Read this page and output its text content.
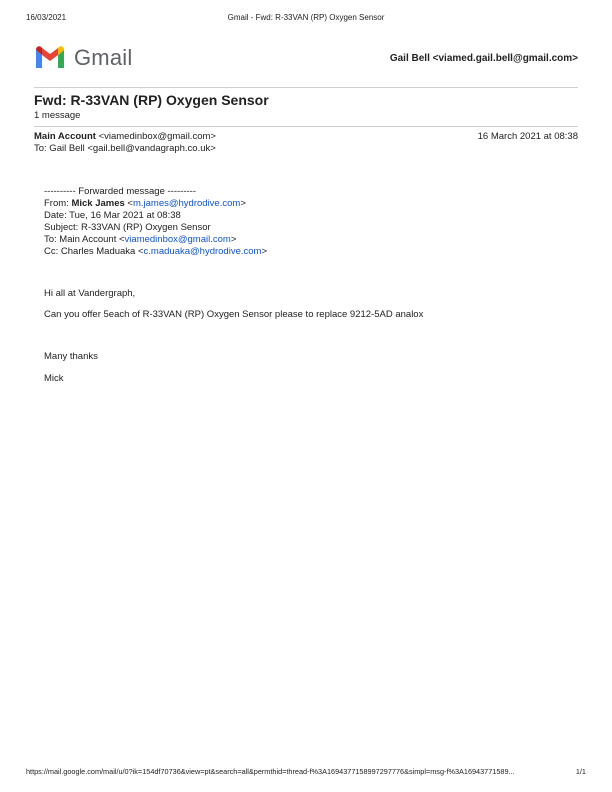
16/03/2021	Gmail - Fwd: R-33VAN (RP) Oxygen Sensor
Gmail	Gail Bell <viamed.gail.bell@gmail.com>
Fwd: R-33VAN (RP) Oxygen Sensor
1 message
Main Account <viamedinbox@gmail.com>
To: Gail Bell <gail.bell@vandagraph.co.uk>
16 March 2021 at 08:38
---------- Forwarded message ---------
From: Mick James <m.james@hydrodive.com>
Date: Tue, 16 Mar 2021 at 08:38
Subject: R-33VAN (RP) Oxygen Sensor
To: Main Account <viamedinbox@gmail.com>
Cc: Charles Maduaka <c.maduaka@hydrodive.com>
Hi all at Vandergraph,
Can you offer 5each of R-33VAN (RP) Oxygen Sensor please to replace 9212-5AD analox
Many thanks
Mick
https://mail.google.com/mail/u/0?ik=154df70736&view=pt&search=all&permthid=thread-f%3A1694377158997297776&simpl=msg-f%3A16943771589...	1/1
